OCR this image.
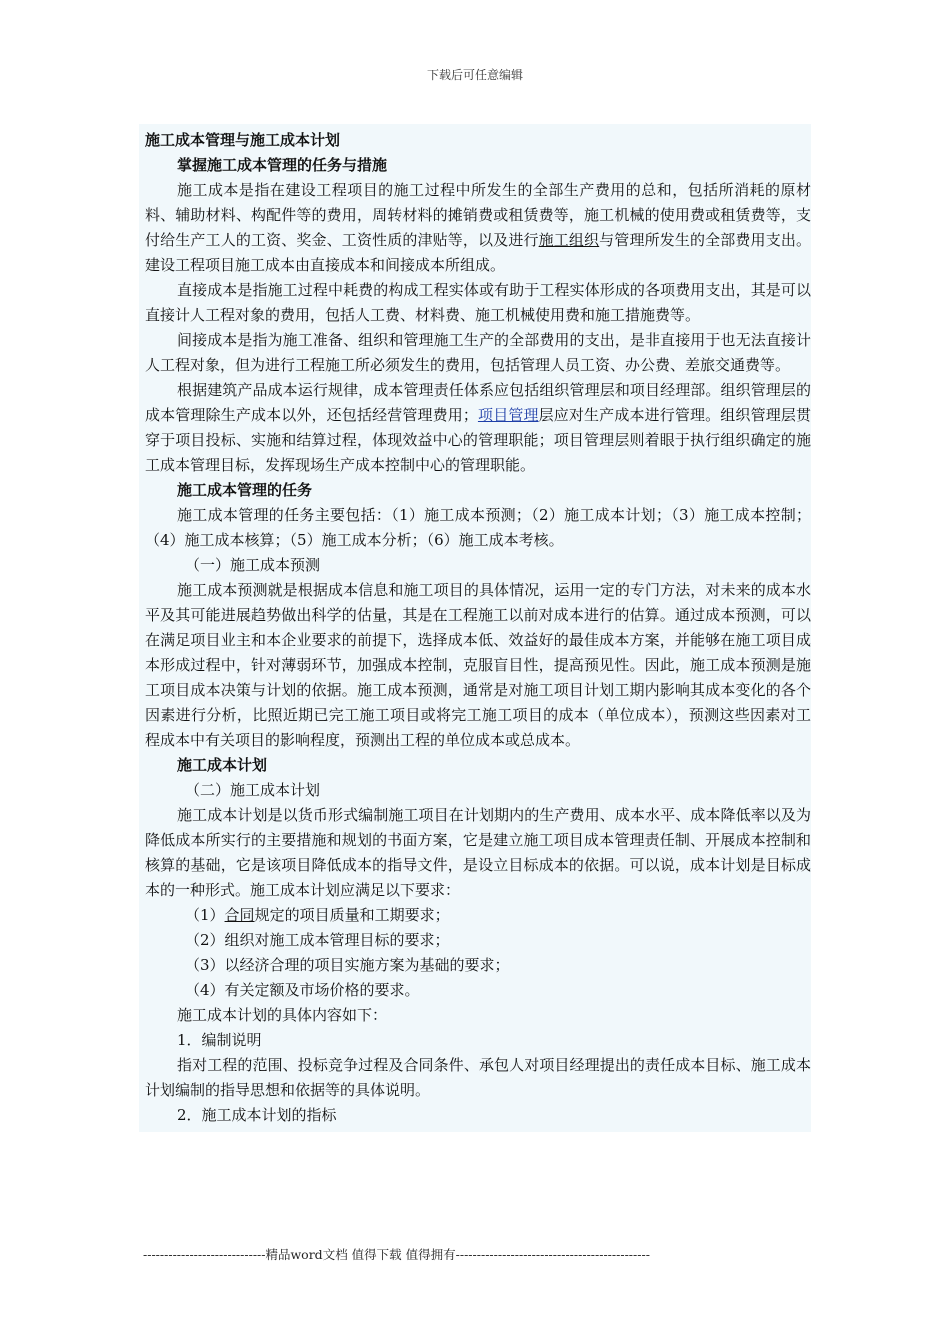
下载后可任意编辑

施工成本管理与施工成本计划

掌握施工成本管理的任务与措施

施工成本是指在建设工程项目的施工过程中所发生的全部生产费用的总和，包括所消耗的原材料、辅助材料、构配件等的费用，周转材料的摊销费或租赁费等，施工机械的使用费或租赁费等，支付给生产工人的工资、奖金、工资性质的津贴等，以及进行施工组织与管理所发生的全部费用支出。建设工程项目施工成本由直接成本和间接成本所组成。

直接成本是指施工过程中耗费的构成工程实体或有助于工程实体形成的各项费用支出，其是可以直接计人工程对象的费用，包括人工费、材料费、施工机械使用费和施工措施费等。

间接成本是指为施工准备、组织和管理施工生产的全部费用的支出，是非直接用于也无法直接计人工程对象，但为进行工程施工所必须发生的费用，包括管理人员工资、办公费、差旅交通费等。

根据建筑产品成本运行规律，成本管理责任体系应包括组织管理层和项目经理部。组织管理层的成本管理除生产成本以外，还包括经营管理费用；项目管理层应对生产成本进行管理。组织管理层贯穿于项目投标、实施和结算过程，体现效益中心的管理职能；项目管理层则着眼于执行组织确定的施工成本管理目标，发挥现场生产成本控制中心的管理职能。

施工成本管理的任务

施工成本管理的任务主要包括：（1）施工成本预测；（2）施工成本计划；（3）施工成本控制；（4）施工成本核算；（5）施工成本分析；（6）施工成本考核。

（一）施工成本预测

施工成本预测就是根据成本信息和施工项目的具体情况，运用一定的专门方法，对未来的成本水平及其可能进展趋势做出科学的估量，其是在工程施工以前对成本进行的估算。通过成本预测，可以在满足项目业主和本企业要求的前提下，选择成本低、效益好的最佳成本方案，并能够在施工项目成本形成过程中，针对薄弱环节，加强成本控制，克服盲目性，提高预见性。因此，施工成本预测是施工项目成本决策与计划的依据。施工成本预测，通常是对施工项目计划工期内影响其成本变化的各个因素进行分析，比照近期已完工施工项目或将完工施工项目的成本（单位成本），预测这些因素对工程成本中有关项目的影响程度，预测出工程的单位成本或总成本。

施工成本计划

（二）施工成本计划

施工成本计划是以货币形式编制施工项目在计划期内的生产费用、成本水平、成本降低率以及为降低成本所实行的主要措施和规划的书面方案，它是建立施工项目成本管理责任制、开展成本控制和核算的基础，它是该项目降低成本的指导文件，是设立目标成本的依据。可以说，成本计划是目标成本的一种形式。施工成本计划应满足以下要求：

（1）合同规定的项目质量和工期要求；

（2）组织对施工成本管理目标的要求；

（3）以经济合理的项目实施方案为基础的要求；

（4）有关定额及市场价格的要求。

施工成本计划的具体内容如下：

1．编制说明

指对工程的范围、投标竞争过程及合同条件、承包人对项目经理提出的责任成本目标、施工成本计划编制的指导思想和依据等的具体说明。

2．施工成本计划的指标

-----------------------------精品word文档 值得下载 值得拥有----------------------------------------------
